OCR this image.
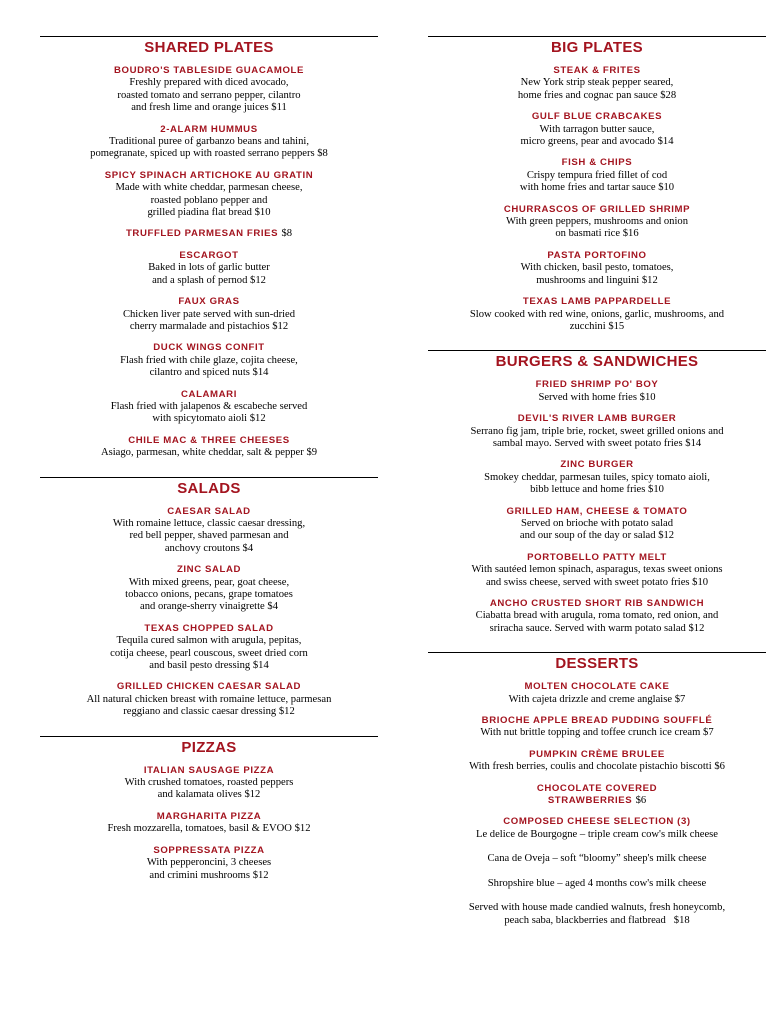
SHARED PLATES
BOUDRO'S TABLESIDE GUACAMOLE
Freshly prepared with diced avocado,
roasted tomato and serrano pepper, cilantro
and fresh lime and orange juices $11
2-ALARM HUMMUS
Traditional puree of garbanzo beans and tahini,
pomegranate, spiced up with roasted serrano peppers $8
SPICY SPINACH ARTICHOKE AU GRATIN
Made with white cheddar, parmesan cheese,
roasted poblano pepper and
grilled piadina flat bread $10
TRUFFLED PARMESAN FRIES $8
ESCARGOT
Baked in lots of garlic butter
and a splash of pernod $12
FAUX GRAS
Chicken liver pate served with sun-dried
cherry marmalade and pistachios $12
DUCK WINGS CONFIT
Flash fried with chile glaze, cojita cheese,
cilantro and spiced nuts $14
CALAMARI
Flash fried with jalapenos & escabeche served
with spicytomato aioli $12
CHILE MAC & THREE CHEESES
Asiago, parmesan, white cheddar, salt & pepper $9
SALADS
CAESAR SALAD
With romaine lettuce, classic caesar dressing,
red bell pepper, shaved parmesan and
anchovy croutons $4
ZINC SALAD
With mixed greens, pear, goat cheese,
tobacco onions, pecans, grape tomatoes
and orange-sherry vinaigrette $4
TEXAS CHOPPED SALAD
Tequila cured salmon with arugula, pepitas,
cotija cheese, pearl couscous, sweet dried corn
and basil pesto dressing $14
GRILLED CHICKEN CAESAR SALAD
All natural chicken breast with romaine lettuce, parmesan
reggiano and classic caesar dressing $12
PIZZAS
ITALIAN SAUSAGE PIZZA
With crushed tomatoes, roasted peppers
and kalamata olives $12
MARGHARITA PIZZA
Fresh mozzarella, tomatoes, basil & EVOO $12
SOPPRESSATA PIZZA
With pepperoncini, 3 cheeses
and crimini mushrooms $12
BIG PLATES
STEAK & FRITES
New York strip steak pepper seared,
home fries and cognac pan sauce $28
GULF BLUE CRABCAKES
With tarragon butter sauce,
micro greens, pear and avocado $14
FISH & CHIPS
Crispy tempura fried fillet of cod
with home fries and tartar sauce $10
CHURRASCOS OF GRILLED SHRIMP
With green peppers, mushrooms and onion
on basmati rice $16
PASTA PORTOFINO
With chicken, basil pesto, tomatoes,
mushrooms and linguini $12
TEXAS LAMB PAPPARDELLE
Slow cooked with red wine, onions, garlic, mushrooms, and
zucchini $15
BURGERS & SANDWICHES
FRIED SHRIMP PO' BOY
Served with home fries $10
DEVIL'S RIVER LAMB BURGER
Serrano fig jam, triple brie, rocket, sweet grilled onions and
sambal mayo. Served with sweet potato fries $14
ZINC BURGER
Smokey cheddar, parmesan tuiles, spicy tomato aioli,
bibb lettuce and home fries $10
GRILLED HAM, CHEESE & TOMATO
Served on brioche with potato salad
and our soup of the day or salad $12
PORTOBELLO PATTY MELT
With sautéed lemon spinach, asparagus, texas sweet onions
and swiss cheese, served with sweet potato fries $10
ANCHO CRUSTED SHORT RIB SANDWICH
Ciabatta bread with arugula, roma tomato, red onion, and
sriracha sauce. Served with warm potato salad $12
DESSERTS
MOLTEN CHOCOLATE CAKE
With cajeta drizzle and creme anglaise $7
BRIOCHE APPLE BREAD PUDDING SOUFFLÉ
With nut brittle topping and toffee crunch ice cream $7
PUMPKIN CRÈME BRULEE
With fresh berries, coulis and chocolate pistachio biscotti $6
CHOCOLATE COVERED
STRAWBERRIES $6
COMPOSED CHEESE SELECTION (3)
Le delice de Bourgogne – triple cream cow's milk cheese
Cana de Oveja – soft “bloomy” sheep's milk cheese
Shropshire blue – aged 4 months cow's milk cheese
Served with house made candied walnuts, fresh honeycomb,
peach saba, blackberries and flatbread $18
